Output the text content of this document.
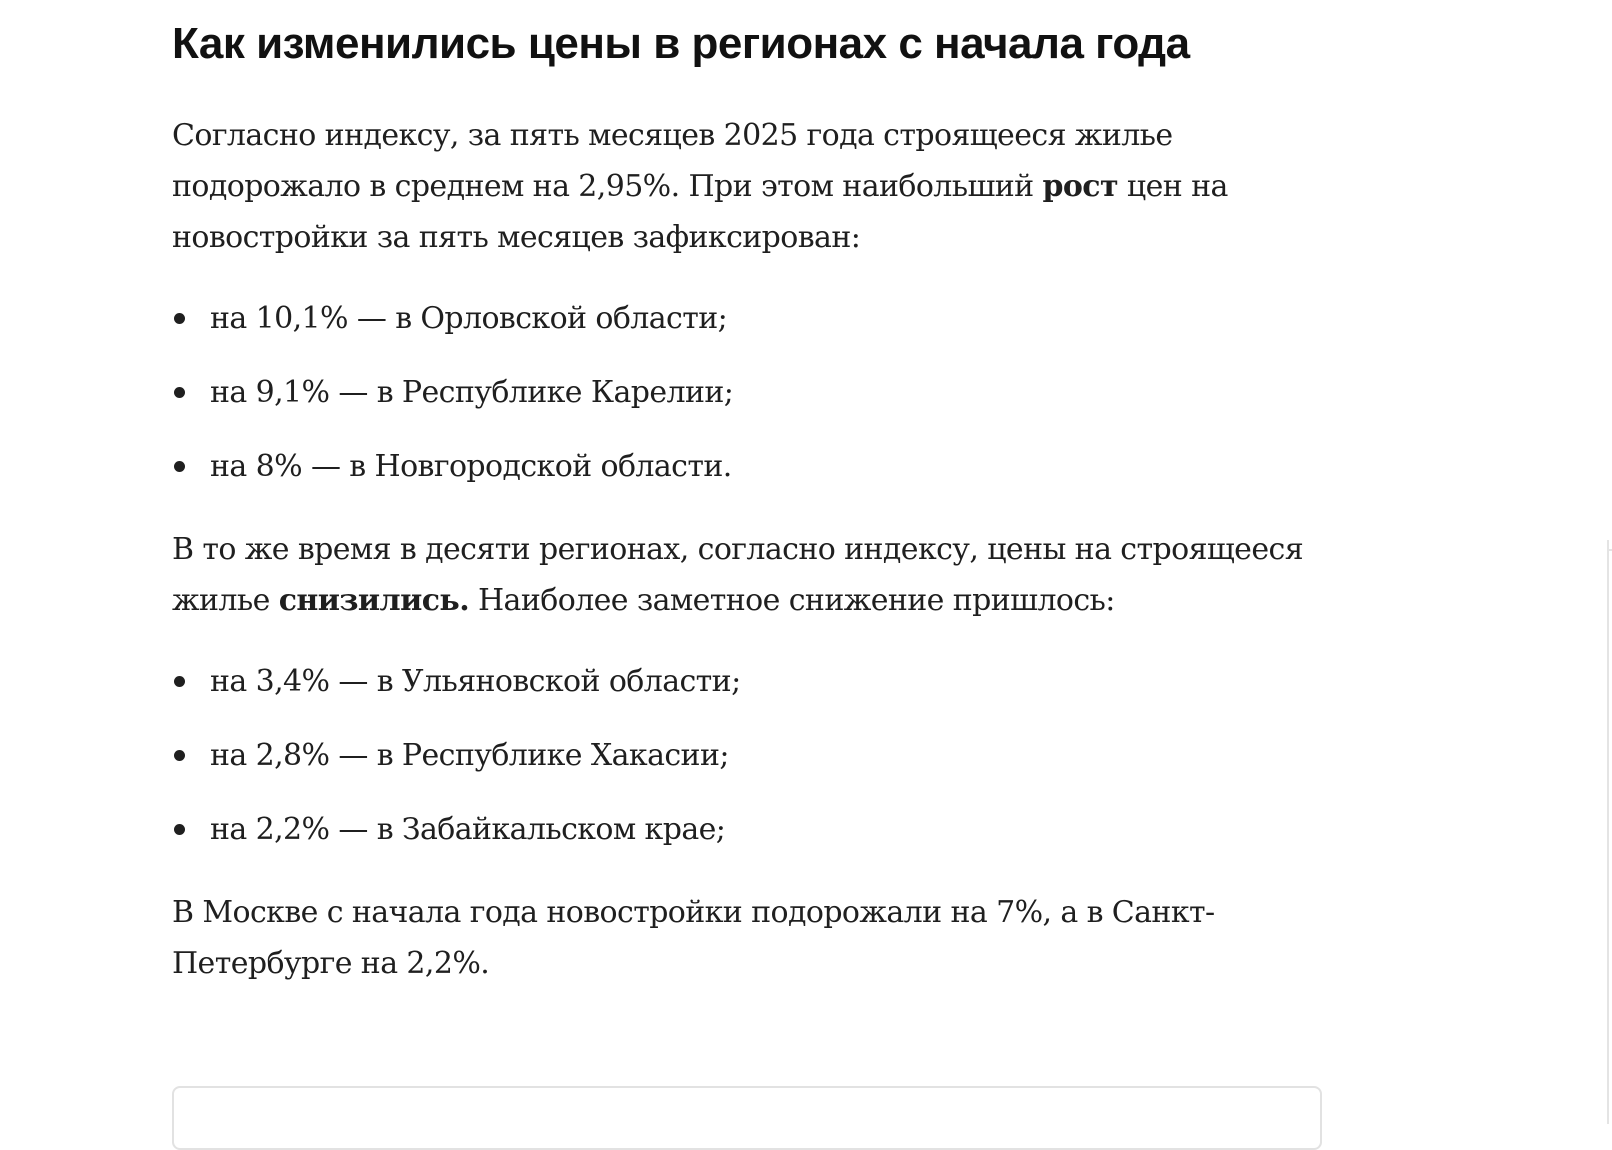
Как изменились цены в регионах с начала года

Согласно индексу, за пять месяцев 2025 года строящееся жилье подорожало в среднем на 2,95%. При этом наибольший рост цен на новостройки за пять месяцев зафиксирован:

на 10,1% — в Орловской области;
на 9,1% — в Республике Карелии;
на 8% — в Новгородской области.

В то же время в десяти регионах, согласно индексу, цены на строящееся жилье снизились. Наиболее заметное снижение пришлось:

на 3,4% — в Ульяновской области;
на 2,8% — в Республике Хакасии;
на 2,2% — в Забайкальском крае;

В Москве с начала года новостройки подорожали на 7%, а в Санкт-Петербурге на 2,2%.
